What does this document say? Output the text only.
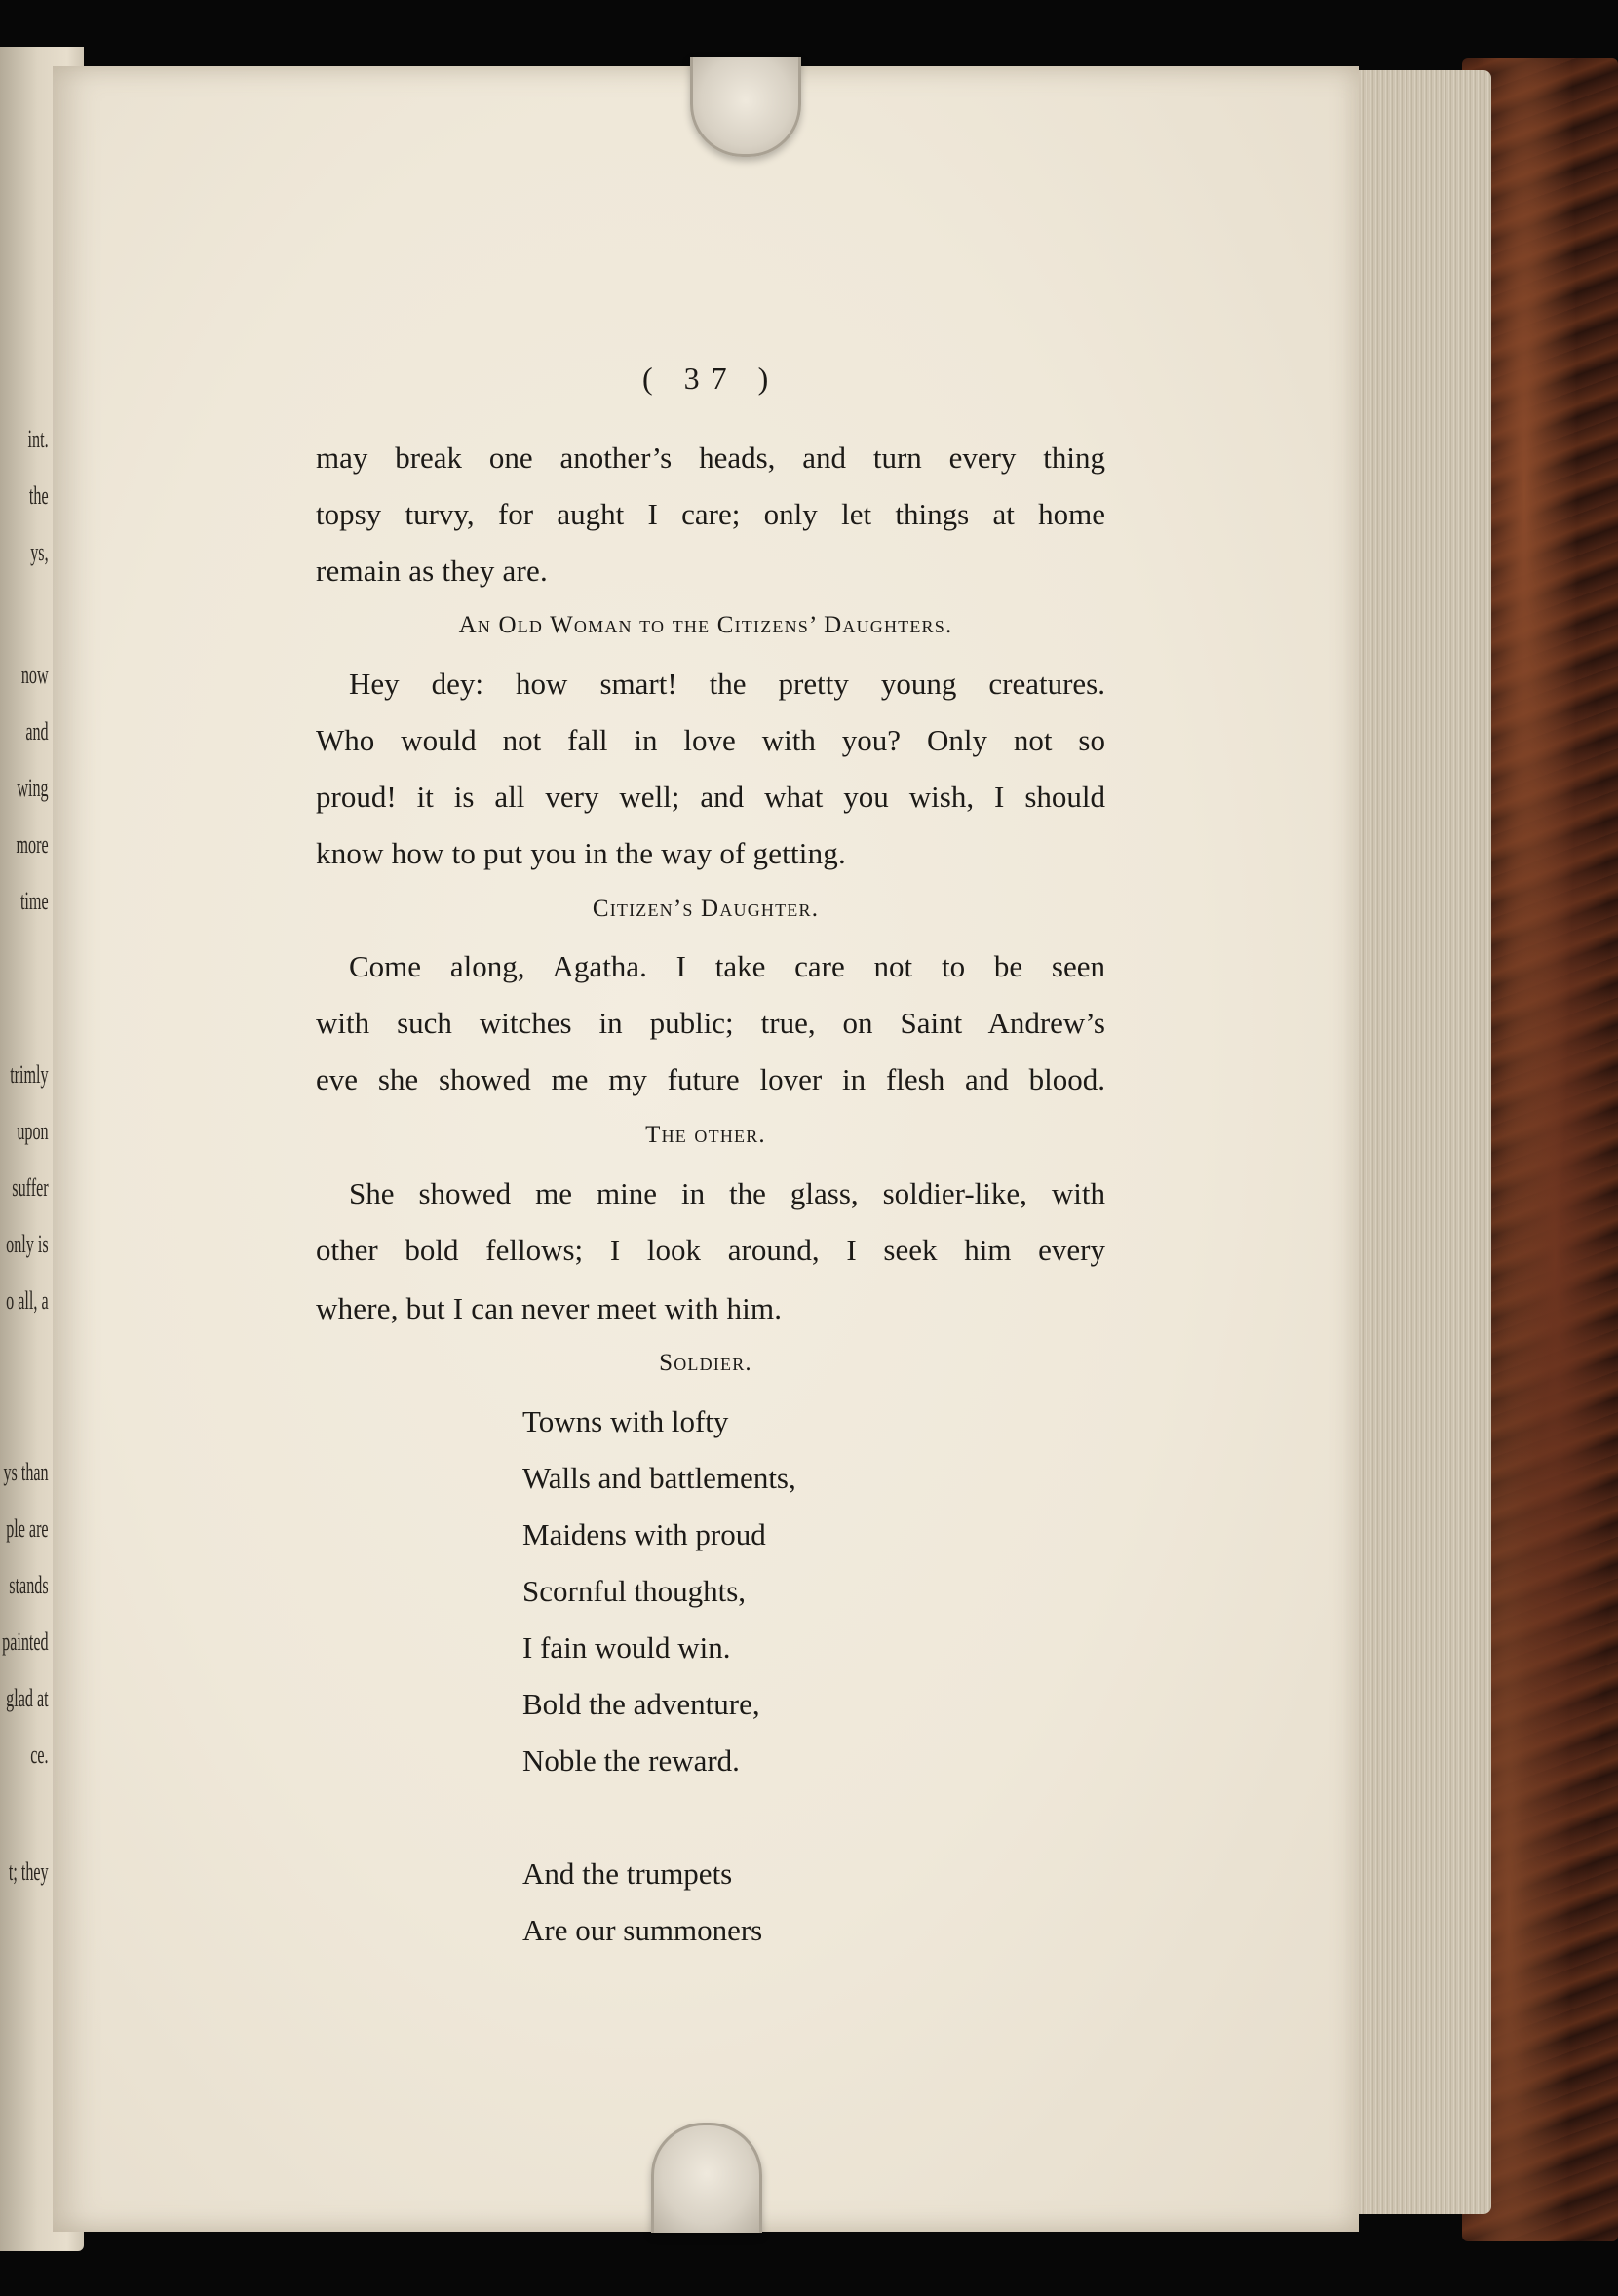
int.
the
ys,
now
and
wing
more
time
trimly
upon
suffer
only is
o all, a
ys than
ple are
stands
painted
glad at
ce.
t; they
( 37 )
may break one another’s heads, and turn every thing
topsy turvy, for aught I care; only let things at home
remain as they are.
An Old Woman to the Citizens’ Daughters.
Hey dey: how smart! the pretty young creatures.
Who would not fall in love with you? Only not so
proud! it is all very well; and what you wish, I should
know how to put you in the way of getting.
Citizen’s Daughter.
Come along, Agatha. I take care not to be seen
with such witches in public; true, on Saint Andrew’s
eve she showed me my future lover in flesh and blood.
The other.
She showed me mine in the glass, soldier-like, with
other bold fellows; I look around, I seek him every
where, but I can never meet with him.
Soldier.
Towns with lofty
Walls and battlements,
Maidens with proud
Scornful thoughts,
I fain would win.
Bold the adventure,
Noble the reward.
And the trumpets
Are our summoners
